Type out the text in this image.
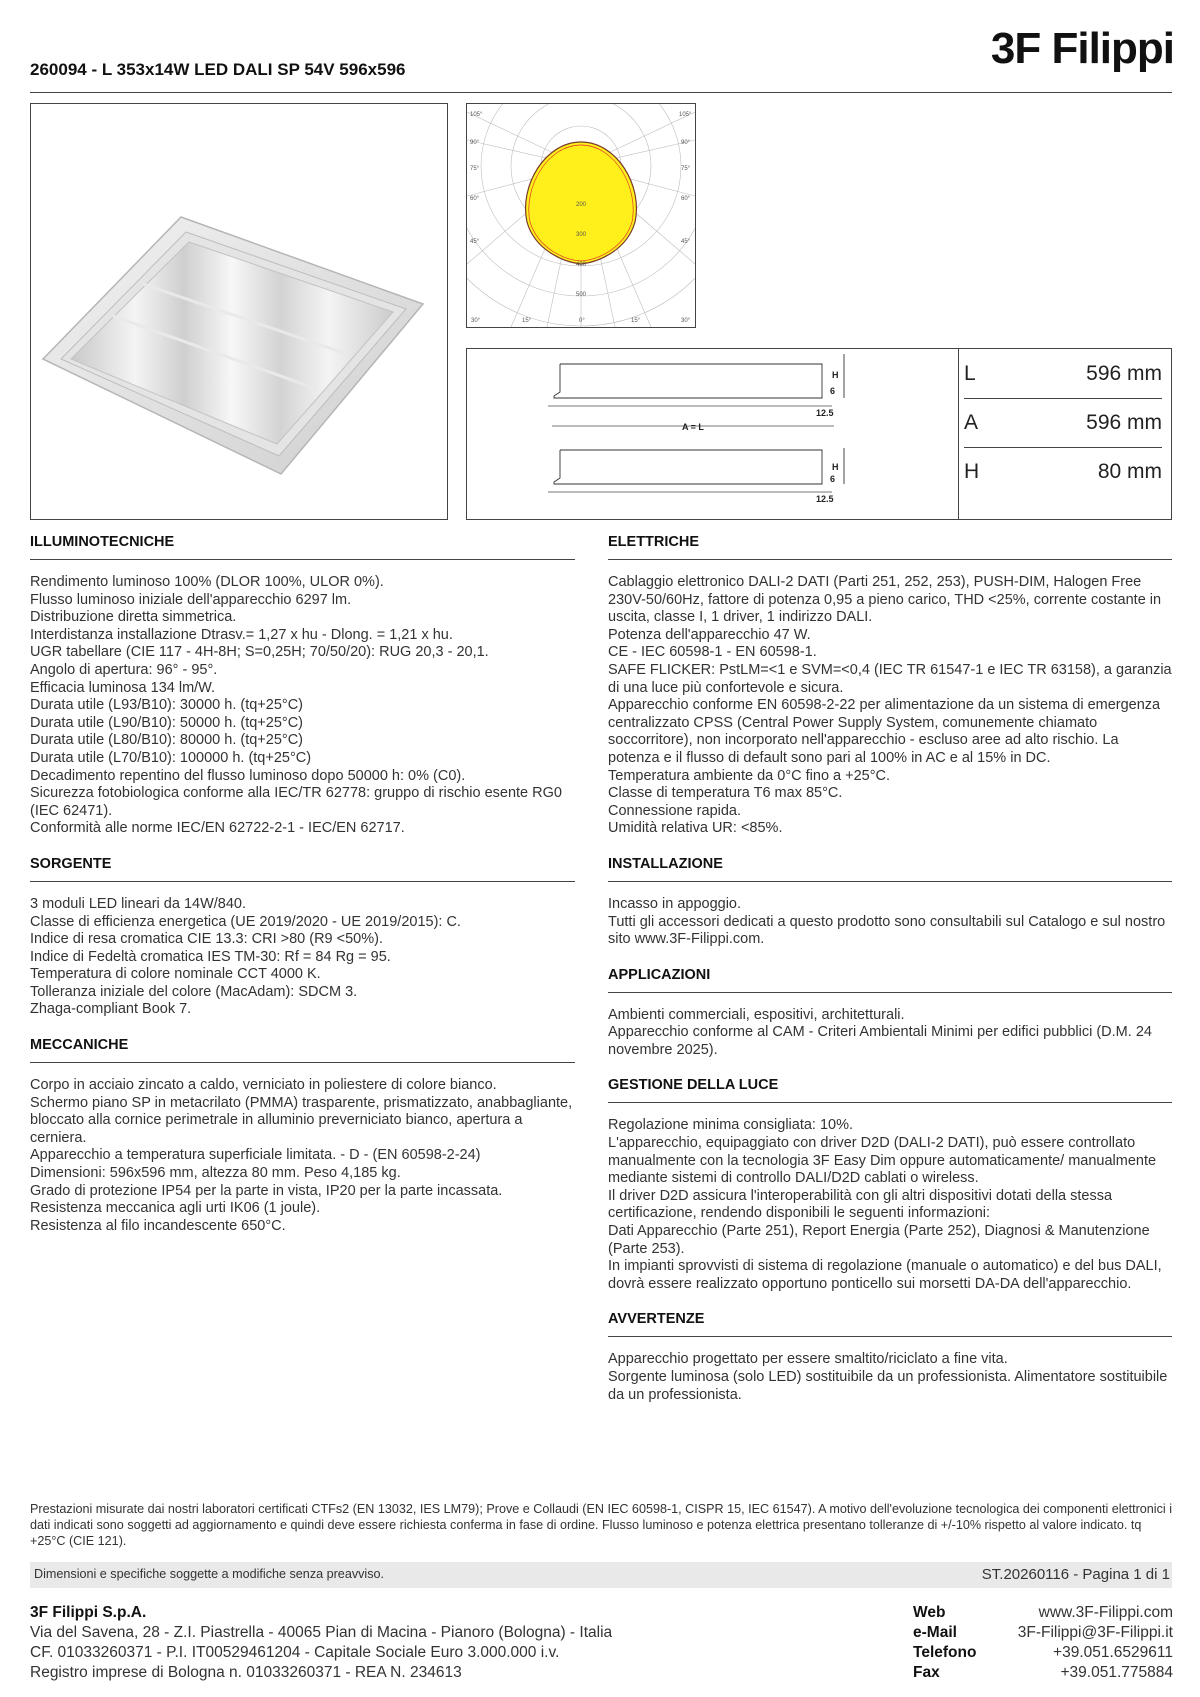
260094 - L 353x14W LED DALI SP 54V 596x596	3F Filippi
105°	105°
90°	90°
75°	75°
60°	60°
45°	45°
30°	15°	0°	15°	30°
200
300
400
500
H
6
12.5
A = L
H
6
12.5
L	596 mm
A	596 mm
H	80 mm
ILLUMINOTECNICHE
Rendimento luminoso 100% (DLOR 100%, ULOR 0%).
Flusso luminoso iniziale dell'apparecchio 6297 lm.
Distribuzione diretta simmetrica.
Interdistanza installazione Dtrasv.= 1,27 x hu - Dlong. = 1,21 x hu.
UGR tabellare (CIE 117 - 4H-8H; S=0,25H; 70/50/20): RUG 20,3 - 20,1.
Angolo di apertura: 96° - 95°.
Efficacia luminosa 134 lm/W.
Durata utile (L93/B10): 30000 h. (tq+25°C)
Durata utile (L90/B10): 50000 h. (tq+25°C)
Durata utile (L80/B10): 80000 h. (tq+25°C)
Durata utile (L70/B10): 100000 h. (tq+25°C)
Decadimento repentino del flusso luminoso dopo 50000 h: 0% (C0).
Sicurezza fotobiologica conforme alla IEC/TR 62778: gruppo di rischio esente RG0 (IEC 62471).
Conformità alle norme IEC/EN 62722-2-1 - IEC/EN 62717.
SORGENTE
3 moduli LED lineari da 14W/840.
Classe di efficienza energetica (UE 2019/2020 - UE 2019/2015): C.
Indice di resa cromatica CIE 13.3: CRI >80 (R9 <50%).
Indice di Fedeltà cromatica IES TM-30: Rf = 84 Rg = 95.
Temperatura di colore nominale CCT 4000 K.
Tolleranza iniziale del colore (MacAdam): SDCM 3.
Zhaga-compliant Book 7.
MECCANICHE
Corpo in acciaio zincato a caldo, verniciato in poliestere di colore bianco.
Schermo piano SP in metacrilato (PMMA) trasparente, prismatizzato, anabbagliante, bloccato alla cornice perimetrale in alluminio preverniciato bianco, apertura a cerniera.
Apparecchio a temperatura superficiale limitata. - D - (EN 60598-2-24)
Dimensioni: 596x596 mm, altezza 80 mm. Peso 4,185 kg.
Grado di protezione IP54 per la parte in vista, IP20 per la parte incassata.
Resistenza meccanica agli urti IK06 (1 joule).
Resistenza al filo incandescente 650°C.
ELETTRICHE
Cablaggio elettronico DALI-2 DATI (Parti 251, 252, 253), PUSH-DIM, Halogen Free 230V-50/60Hz, fattore di potenza 0,95 a pieno carico, THD <25%, corrente costante in uscita, classe I, 1 driver, 1 indirizzo DALI.
Potenza dell'apparecchio 47 W.
CE - IEC 60598-1 - EN 60598-1.
SAFE FLICKER: PstLM=<1 e SVM=<0,4 (IEC TR 61547-1 e IEC TR 63158), a garanzia di una luce più confortevole e sicura.
Apparecchio conforme EN 60598-2-22 per alimentazione da un sistema di emergenza centralizzato CPSS (Central Power Supply System, comunemente chiamato soccorritore), non incorporato nell'apparecchio - escluso aree ad alto rischio. La potenza e il flusso di default sono pari al 100% in AC e al 15% in DC.
Temperatura ambiente da 0°C fino a +25°C.
Classe di temperatura T6 max 85°C.
Connessione rapida.
Umidità relativa UR: <85%.
INSTALLAZIONE
Incasso in appoggio.
Tutti gli accessori dedicati a questo prodotto sono consultabili sul Catalogo e sul nostro sito www.3F-Filippi.com.
APPLICAZIONI
Ambienti commerciali, espositivi, architetturali.
Apparecchio conforme al CAM - Criteri Ambientali Minimi per edifici pubblici (D.M. 24 novembre 2025).
GESTIONE DELLA LUCE
Regolazione minima consigliata: 10%.
L'apparecchio, equipaggiato con driver D2D (DALI-2 DATI), può essere controllato manualmente con la tecnologia 3F Easy Dim oppure automaticamente/ manualmente mediante sistemi di controllo DALI/D2D cablati o wireless.
Il driver D2D assicura l'interoperabilità con gli altri dispositivi dotati della stessa certificazione, rendendo disponibili le seguenti informazioni:
Dati Apparecchio (Parte 251), Report Energia (Parte 252), Diagnosi & Manutenzione (Parte 253).
In impianti sprovvisti di sistema di regolazione (manuale o automatico) e del bus DALI, dovrà essere realizzato opportuno ponticello sui morsetti DA-DA dell'apparecchio.
AVVERTENZE
Apparecchio progettato per essere smaltito/riciclato a fine vita.
Sorgente luminosa (solo LED) sostituibile da un professionista. Alimentatore sostituibile da un professionista.
Prestazioni misurate dai nostri laboratori certificati CTFs2 (EN 13032, IES LM79); Prove e Collaudi (EN IEC 60598-1, CISPR 15, IEC 61547). A motivo dell'evoluzione tecnologica dei componenti elettronici i dati indicati sono soggetti ad aggiornamento e quindi deve essere richiesta conferma in fase di ordine. Flusso luminoso e potenza elettrica presentano tolleranze di +/-10% rispetto al valore indicato. tq +25°C (CIE 121).
Dimensioni e specifiche soggette a modifiche senza preavviso.	ST.20260116 - Pagina 1 di 1
3F Filippi S.p.A.
Via del Savena, 28 - Z.I. Piastrella - 40065 Pian di Macina - Pianoro (Bologna) - Italia
CF. 01033260371 - P.I. IT00529461204 - Capitale Sociale Euro 3.000.000 i.v.
Registro imprese di Bologna n. 01033260371 - REA N. 234613
Web	www.3F-Filippi.com
e-Mail	3F-Filippi@3F-Filippi.it
Telefono	+39.051.6529611
Fax	+39.051.775884
